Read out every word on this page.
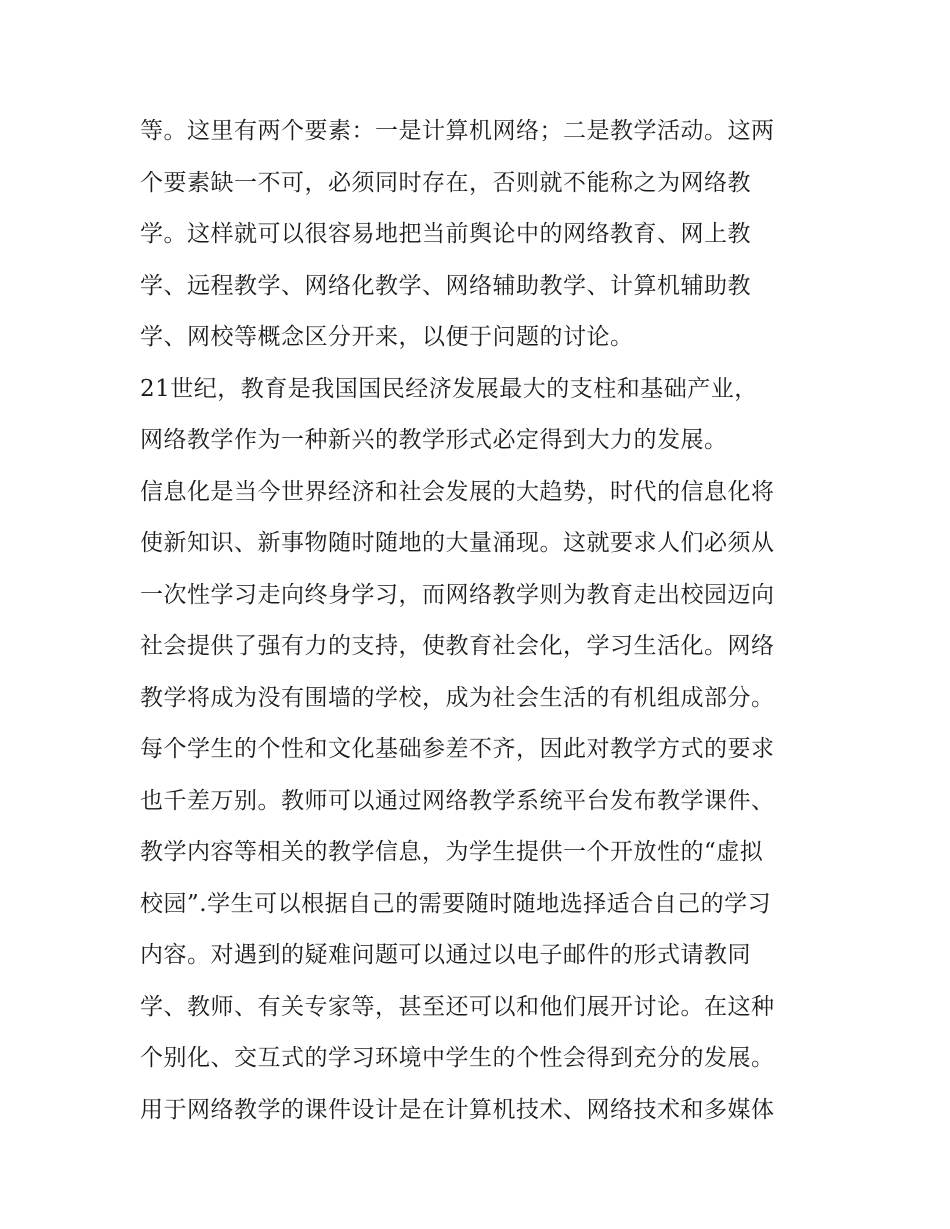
等。这里有两个要素：一是计算机网络；二是教学活动。这两
个要素缺一不可，必须同时存在，否则就不能称之为网络教
学。这样就可以很容易地把当前舆论中的网络教育、网上教
学、远程教学、网络化教学、网络辅助教学、计算机辅助教
学、网校等概念区分开来，以便于问题的讨论。
21世纪，教育是我国国民经济发展最大的支柱和基础产业，
网络教学作为一种新兴的教学形式必定得到大力的发展。
信息化是当今世界经济和社会发展的大趋势，时代的信息化将
使新知识、新事物随时随地的大量涌现。这就要求人们必须从
一次性学习走向终身学习，而网络教学则为教育走出校园迈向
社会提供了强有力的支持，使教育社会化，学习生活化。网络
教学将成为没有围墙的学校，成为社会生活的有机组成部分。
每个学生的个性和文化基础参差不齐，因此对教学方式的要求
也千差万别。教师可以通过网络教学系统平台发布教学课件、
教学内容等相关的教学信息，为学生提供一个开放性的“虚拟
校园”.学生可以根据自己的需要随时随地选择适合自己的学习
内容。对遇到的疑难问题可以通过以电子邮件的形式请教同
学、教师、有关专家等，甚至还可以和他们展开讨论。在这种
个别化、交互式的学习环境中学生的个性会得到充分的发展。
用于网络教学的课件设计是在计算机技术、网络技术和多媒体
